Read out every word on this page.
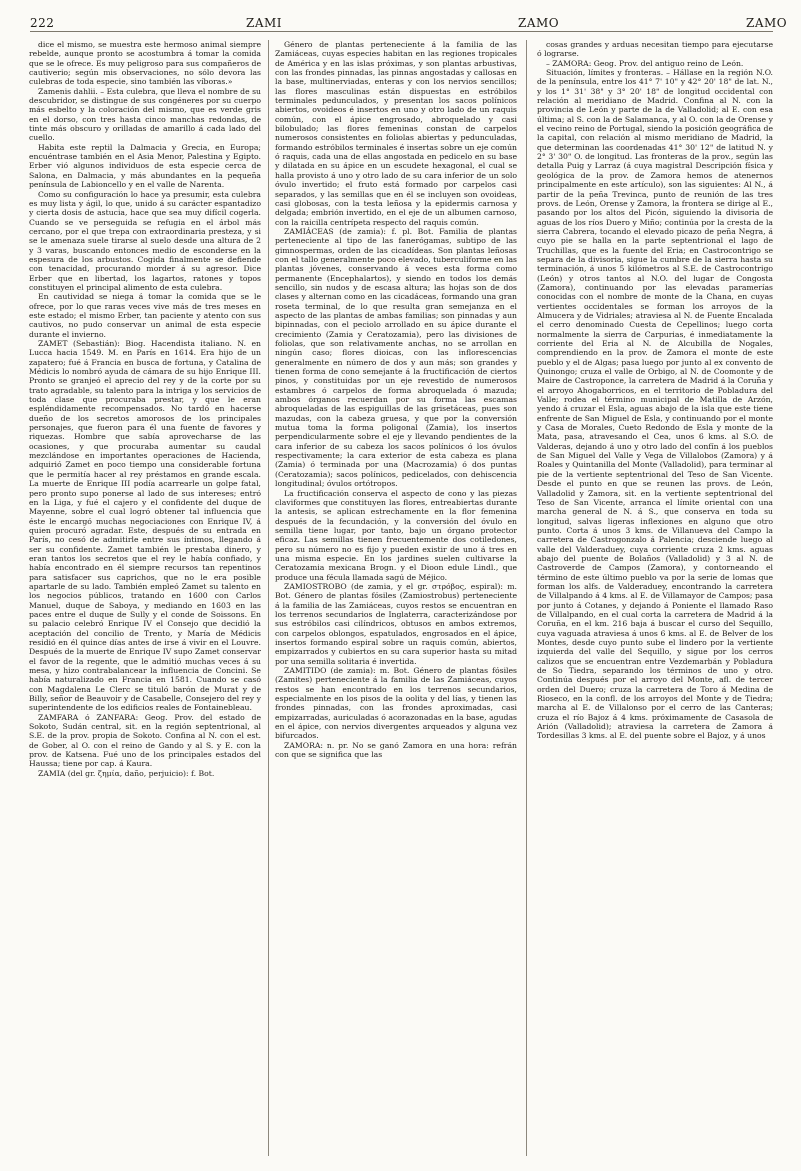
222	ZAMI	ZAMO	ZAMO

dice el mismo, se muestra este hermoso animal siempre rebelde, aunque pronto se acostumbra á tomar la comida que se le ofrece. Es muy peligroso para sus compañeros de cautiverio; según mis observaciones, no sólo devora las culebras de toda especie, sino también las víboras.»

Zamenis dahlii. – Esta culebra, que lleva el nombre de su descubridor, se distingue de sus congéneres por su cuerpo más esbelto y la coloración del mismo, que es verde gris en el dorso, con tres hasta cinco manchas redondas, de tinte más obscuro y orilladas de amarillo á cada lado del cuello.

Habita este reptil la Dalmacia y Grecia, en Europa; encuéntrase también en el Asia Menor, Palestina y Egipto. Erber vió algunos individuos de esta especie cerca de Salona, en Dalmacia, y más abundantes en la pequeña península de Labioncello y en el valle de Narenta.

Como su configuración lo hace ya presumir, esta culebra es muy lista y ágil, lo que, unido á su carácter espantadizo y cierta dosis de astucia, hace que sea muy difícil cogerla. Cuando se ve perseguida se refugia en el árbol más cercano, por el que trepa con extraordinaria presteza, y si se le amenaza suele tirarse al suelo desde una altura de 2 y 3 varas, buscando entonces medio de esconderse en la espesura de los arbustos. Cogida finalmente se defiende con tenacidad, procurando morder á su agresor. Dice Erber que en libertad, los lagartos, ratones y topos constituyen el principal alimento de esta culebra.

En cautividad se niega á tomar la comida que se le ofrece, por lo que raras veces vive más de tres meses en este estado; el mismo Erber, tan paciente y atento con sus cautivos, no pudo conservar un animal de esta especie durante el invierno.

ZAMET (Sebastián): Biog. Hacendista italiano. N. en Lucca hacia 1549. M. en París en 1614. Era hijo de un zapatero; fué á Francia en busca de fortuna, y Catalina de Médicis lo nombró ayuda de cámara de su hijo Enrique III. Pronto se granjeó el aprecio del rey y de la corte por su trato agradable, su talento para la intriga y los servicios de toda clase que procuraba prestar, y que le eran espléndidamente recompensados. No tardó en hacerse dueño de los secretos amorosos de los principales personajes, que fueron para él una fuente de favores y riquezas. Hombre que sabía aprovecharse de las ocasiones, y que procuraba aumentar su caudal mezclándose en importantes operaciones de Hacienda, adquirió Zamet en poco tiempo una considerable fortuna que le permitía hacer al rey préstamos en grande escala. La muerte de Enrique III podía acarrearle un golpe fatal, pero pronto supo ponerse al lado de sus intereses; entró en la Liga, y fué el cajero y el confidente del duque de Mayenne, sobre el cual logró obtener tal influencia que éste le encargó muchas negociaciones con Enrique IV, á quien procuró agradar. Este, después de su entrada en París, no cesó de admitirle entre sus íntimos, llegando á ser su confidente. Zamet también le prestaba dinero, y eran tantos los secretos que el rey le había confiado, y había encontrado en él siempre recursos tan repentinos para satisfacer sus caprichos, que no le era posible apartarle de su lado. También empleó Zamet su talento en los negocios públicos, tratando en 1600 con Carlos Manuel, duque de Saboya, y mediando en 1603 en las paces entre el duque de Sully y el conde de Soissons. En su palacio celebró Enrique IV el Consejo que decidió la aceptación del concilio de Trento, y María de Médicis residió en él quince días antes de irse á vivir en el Louvre. Después de la muerte de Enrique IV supo Zamet conservar el favor de la regente, que le admitió muchas veces á su mesa, y hizo contrabalancear la influencia de Concini. Se había naturalizado en Francia en 1581. Cuando se casó con Magdalena Le Clerc se tituló barón de Murat y de Billy, señor de Beauvoir y de Casabelle, Consejero del rey y superintendente de los edificios reales de Fontainebleau.

ZAMFARA ó ZANFARA: Geog. Prov. del estado de Sokoto, Sudán central, sit. en la región septentrional, al S.E. de la prov. propia de Sokoto. Confina al N. con el est. de Gober, al O. con el reino de Gando y al S. y E. con la prov. de Katsena. Fué uno de los principales estados del Haussa; tiene por cap. á Kaura.

ZAMIA (del gr. ζημία, daño, perjuicio): f. Bot.

Género de plantas perteneciente á la familia de las Zamiáceas, cuyas especies habitan en las regiones tropicales de América y en las islas próximas, y son plantas arbustivas, con las frondes pinnadas, las pinnas angostadas y callosas en la base, multinerviadas, enteras y con los nervios sencillos; las flores masculinas están dispuestas en estróbilos terminales pedunculados, y presentan los sacos polínicos abiertos, ovoideos é insertos en uno y otro lado de un raquis común, con el ápice engrosado, abroquelado y casi bilobulado; las flores femeninas constan de carpelos numerosos consistentes en foliolas abiertas y pedunculadas, formando estróbilos terminales é insertas sobre un eje común ó raquis, cada una de ellas angostada en pedicelo en su base y dilatada en su ápice en un escudete hexagonal, el cual se halla provisto á uno y otro lado de su cara inferior de un solo óvulo invertido; el fruto está formado por carpelos casi separados, y las semillas que en él se incluyen son ovoideas, casi globosas, con la testa leñosa y la epidermis carnosa y delgada; embrión invertido, en el eje de un albumen carnoso, con la raicilla centrípeta respecto del raquis común.

ZAMIÁCEAS (de zamia): f. pl. Bot. Familia de plantas perteneciente al tipo de las fanerógamas, subtipo de las gimnospermas, orden de las cicadídeas. Son plantas leñosas con el tallo generalmente poco elevado, tuberculiforme en las plantas jóvenes, conservando á veces esta forma como permanente (Encephalartos), y siendo en todos los demás sencillo, sin nudos y de escasa altura; las hojas son de dos clases y alternan como en las cicadáceas, formando una gran roseta terminal, de lo que resulta gran semejanza en el aspecto de las plantas de ambas familias; son pinnadas y aun bipinnadas, con el peciolo arrollado en su ápice durante el crecimiento (Zamia y Ceratozamia), pero las divisiones de foliolas, que son relativamente anchas, no se arrollan en ningún caso; flores dioicas, con las inflorescencias generalmente en número de dos y aun más; son grandes y tienen forma de cono semejante á la fructificación de ciertos pinos, y constituidas por un eje revestido de numerosos estambres ó carpelos de forma abroquelada ó mazuda; ambos órganos recuerdan por su forma las escamas abroqueladas de las espiguillas de las grisetáceas, pues son mazudas, con la cabeza gruesa, y que por la conversión mutua toma la forma poligonal (Zamia), los insertos perpendicularmente sobre el eje y llevando pendientes de la cara inferior de su cabeza los sacos polínicos ó los óvulos respectivamente; la cara exterior de esta cabeza es plana (Zamia) ó terminada por una (Macrozamia) ó dos puntas (Ceratozamia); sacos polínicos, pedicelados, con dehiscencia longitudinal; óvulos ortótropos.

La fructificación conserva el aspecto de cono y las piezas claviformes que constituyen las flores, entreabiertas durante la antesis, se aplican estrechamente en la flor femenina después de la fecundación, y la conversión del óvulo en semilla tiene lugar, por tanto, bajo un órgano protector eficaz. Las semillas tienen frecuentemente dos cotiledones, pero su número no es fijo y pueden existir de uno á tres en una misma especie. En los jardines suelen cultivarse la Ceratozamia mexicana Brogn. y el Dioon edule Lindl., que produce una fécula llamada sagú de Méjico.

ZAMIOSTROBO (de zamia, y el gr. στρόβος, espiral): m. Bot. Género de plantas fósiles (Zamiostrobus) perteneciente á la familia de las Zamiáceas, cuyos restos se encuentran en los terrenos secundarios de Inglaterra, caracterizándose por sus estróbilos casi cilíndricos, obtusos en ambos extremos, con carpelos oblongos, espatulados, engrosados en el ápice, insertos formando espiral sobre un raquis común, abiertos, empizarrados y cubiertos en su cara superior hasta su mitad por una semilla solitaria é invertida.

ZAMITIDO (de zamia): m. Bot. Género de plantas fósiles (Zamites) perteneciente á la familia de las Zamiáceas, cuyos restos se han encontrado en los terrenos secundarios, especialmente en los pisos de la oolita y del lías, y tienen las frondes pinnadas, con las frondes aproximadas, casi empizarradas, auriculadas ó acorazonadas en la base, agudas en el ápice, con nervios divergentes arqueados y alguna vez bifurcados.

ZAMORA: n. pr. No se ganó Zamora en una hora: refrán con que se significa que las

cosas grandes y arduas necesitan tiempo para ejecutarse ó lograrse.

– ZAMORA: Geog. Prov. del antiguo reino de León.

Situación, límites y fronteras. – Hállase en la región N.O. de la península, entre los 41° 7' 10" y 42° 20' 18" de lat. N., y los 1° 31' 38" y 3° 20' 18" de longitud occidental con relación al meridiano de Madrid. Confina al N. con la provincia de León y parte de la de Valladolid; al E. con esa última; al S. con la de Salamanca, y al O. con la de Orense y el vecino reino de Portugal, siendo la posición geográfica de la capital, con relación al mismo meridiano de Madrid, la que determinan las coordenadas 41° 30' 12" de latitud N. y 2° 3' 30" O. de longitud. Las fronteras de la prov., según las detalla Puig y Larraz (á cuya magistral Descripción física y geológica de la prov. de Zamora hemos de atenernos principalmente en este artículo), son las siguientes: Al N., á partir de la peña Trevinca, punto de reunión de las tres provs. de León, Orense y Zamora, la frontera se dirige al E., pasando por los altos del Picón, siguiendo la divisoria de aguas de los ríos Duero y Miño; continúa por la cresta de la sierra Cabrera, tocando el elevado picazo de peña Negra, á cuyo pie se halla en la parte septentrional el lago de Truchillas, que es la fuente del Eria; en Castrocontrigo se separa de la divisoria, sigue la cumbre de la sierra hasta su terminación, á unos 5 kilómetros al S.E. de Castrocontrigo (León) y otros tantos al N.O. del lugar de Congosta (Zamora), continuando por las elevadas paramerías conocidas con el nombre de monte de la Chana, en cuyas vertientes occidentales se forman los arroyos de la Almucera y de Vidriales; atraviesa al N. de Fuente Encalada el cerro denominado Cuesta de Cepellinos; luego corta normalmente la sierra de Carpurias, é inmediatamente la corriente del Eria al N. de Alcubilla de Nogales, comprendiendo en la prov. de Zamora el monte de este pueblo y el de Algas; pasa luego por junto al ex convento de Quinongo; cruza el valle de Orbigo, al N. de Coomonte y de Maire de Castroponce, la carretera de Madrid á la Coruña y el arroyo Ahogaborricos, en el territorio de Pobladura del Valle; rodea el término municipal de Matilla de Arzón, yendo á cruzar el Esla, aguas abajo de la isla que este tiene enfrente de San Miguel de Esla, y continuando por el monte y Casa de Morales, Cueto Redondo de Esla y monte de la Mata, pasa, atravesando el Cea, unos 6 kms. al S.O. de Valderas, dejando á uno y otro lado del confín á los pueblos de San Miguel del Valle y Vega de Villalobos (Zamora) y á Roales y Quintanilla del Monte (Valladolid), para terminar al pie de la vertiente septentrional del Teso de San Vicente. Desde el punto en que se reunen las provs. de León, Valladolid y Zamora, sit. en la vertiente septentrional del Teso de San Vicente, arranca el límite oriental con una marcha general de N. á S., que conserva en toda su longitud, salvas ligeras inflexiones en alguno que otro punto. Corta á unos 3 kms. de Villanueva del Campo la carretera de Castrogonzalo á Palencia; desciende luego al valle del Valderaduey, cuya corriente cruza 2 kms. aguas abajo del puente de Bolaños (Valladolid) y 3 al N. de Castroverde de Campos (Zamora), y contorneando el término de este último pueblo va por la serie de lomas que forman los alfs. de Valderaduey, encontrando la carretera de Villalpando á 4 kms. al E. de Villamayor de Campos; pasa por junto á Cotanes, y dejando á Poniente el llamado Raso de Villalpando, en el cual corta la carretera de Madrid á la Coruña, en el km. 216 baja á buscar el curso del Sequillo, cuya vaguada atraviesa á unos 6 kms. al E. de Belver de los Montes, desde cuyo punto sube el lindero por la vertiente izquierda del valle del Sequillo, y sigue por los cerros calizos que se encuentran entre Vezdemarbán y Pobladura de So Tiedra, separando los términos de uno y otro. Continúa después por el arroyo del Monte, afl. de tercer orden del Duero; cruza la carretera de Toro á Medina de Rioseco, en la confl. de los arroyos del Monte y de Tiedra; marcha al E. de Villalonso por el cerro de las Canteras; cruza el río Bajoz á 4 kms. próximamente de Casasola de Arión (Valladolid); atraviesa la carretera de Zamora á Tordesillas 3 kms. al E. del puente sobre el Bajoz, y á unos
